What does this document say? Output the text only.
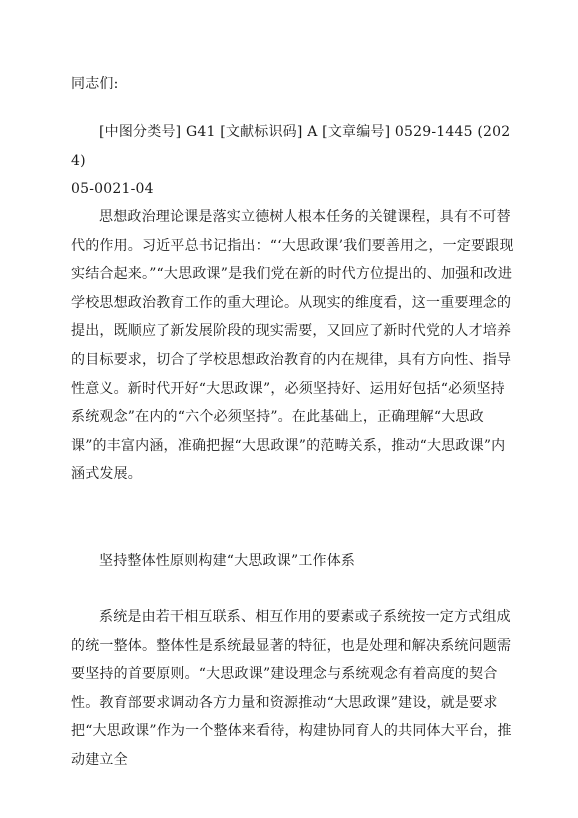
同志们:

[中图分类号] G41 [文献标识码] A [文章编号] 0529-1445 (2024)
05-0021-04

思想政治理论课是落实立德树人根本任务的关键课程，具有不可替代的作用。习近平总书记指出：“‘大思政课’我们要善用之，一定要跟现实结合起来。”“大思政课”是我们党在新的时代方位提出的、加强和改进学校思想政治教育工作的重大理论。从现实的维度看，这一重要理念的提出，既顺应了新发展阶段的现实需要，又回应了新时代党的人才培养的目标要求，切合了学校思想政治教育的内在规律，具有方向性、指导性意义。新时代开好“大思政课”，必须坚持好、运用好包括“必须坚持系统观念”在内的“六个必须坚持”。在此基础上，正确理解“大思政课”的丰富内涵，准确把握“大思政课”的范畴关系，推动“大思政课”内涵式发展。

坚持整体性原则构建“大思政课”工作体系

系统是由若干相互联系、相互作用的要素或子系统按一定方式组成的统一整体。整体性是系统最显著的特征，也是处理和解决系统问题需要坚持的首要原则。“大思政课”建设理念与系统观念有着高度的契合性。教育部要求调动各方力量和资源推动“大思政课”建设，就是要求把“大思政课”作为一个整体来看待，构建协同育人的共同体大平台，推动建立全
